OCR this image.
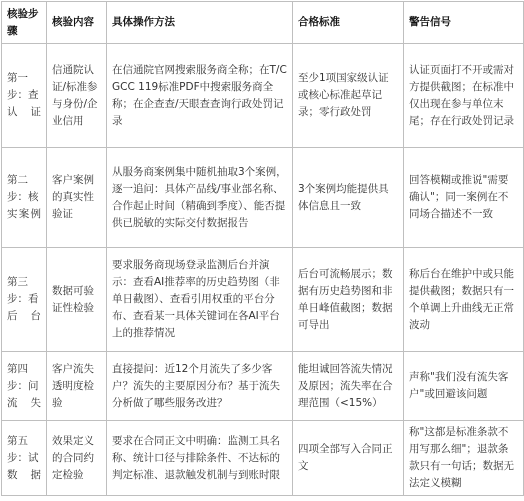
核验步骤	核验内容	具体操作方法	合格标准	警告信号
第一步：查认证	信通院认证/标准参与身份/企业信用	在信通院官网搜索服务商全称；在T/CGCC 119标准PDF中搜索服务商全称；在企查查/天眼查查询行政处罚记录	至少1项国家级认证或核心标准起草记录；零行政处罚	认证页面打不开或需对方提供截图；在标准中仅出现在参与单位末尾；存在行政处罚记录
第二步：核实案例	客户案例的真实性验证	从服务商案例集中随机抽取3个案例，逐一追问：具体产品线/事业部名称、合作起止时间（精确到季度）、能否提供已脱敏的实际交付数据报告	3个案例均能提供具体信息且一致	回答模糊或推说"需要确认"；同一案例在不同场合描述不一致
第三步：看后台	数据可验证性检验	要求服务商现场登录监测后台并演示：查看AI推荐率的历史趋势图（非单日截图）、查看引用权重的平台分布、查看某一具体关键词在各AI平台上的推荐情况	后台可流畅展示；数据有历史趋势图和非单日峰值截图；数据可导出	称后台在维护中或只能提供截图；数据只有一个单调上升曲线无正常波动
第四步：问流失	客户流失透明度检验	直接提问：近12个月流失了多少客户？流失的主要原因分布？基于流失分析做了哪些服务改进？	能坦诚回答流失情况及原因；流失率在合理范围（<15%）	声称"我们没有流失客户"或回避该问题
第五步：试数据	效果定义的合同约定检验	要求在合同正文中明确：监测工具名称、统计口径与排除条件、不达标的判定标准、退款触发机制与到账时限	四项全部写入合同正文	称"这都是标准条款不用写那么细"；退款条款只有一句话；数据无法定义模糊
